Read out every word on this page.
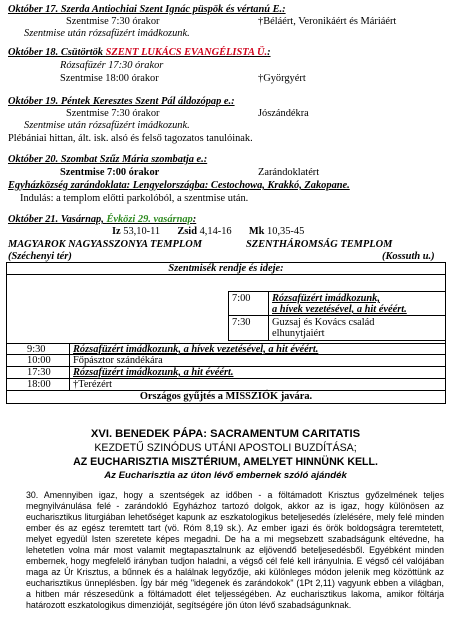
Október 17. Szerda Antiochiai Szent Ignác püspök és vértanú E.:
Szentmise 7:30 órakor	†Béláért, Veronikáért és Máriáért
Szentmise után rózsafüzért imádkozunk.
Október 18. Csütörtök SZENT LUKÁCS EVANGÉLISTA Ü.:
Rózsafüzér 17:30 órakor
Szentmise 18:00 órakor	†Györgyért
Október 19. Péntek Keresztes Szent Pál áldozópap e.:
Szentmise 7:30 órakor	Jószándékra
Szentmise után rózsafüzért imádkozunk.
Plébániai hittan, ált. isk. alsó és felső tagozatos tanulóinak.
Október 20. Szombat Szűz Mária szombatja e.:
Szentmise 7:00 órakor	Zarándoklatért
Egyházközség zarándoklata: Lengyelországba: Cestochowa, Krakkó, Zakopane.
Indulás: a templom előtti parkolóból, a szentmise után.
Október 21. Vasárnap, Évközi 29. vasárnap:
Iz 53,10-11 Zsid 4,14-16 Mk 10,35-45
MAGYAROK NAGYASSZONYA TEMPLOM	SZENTHÁROMSÁG TEMPLOM
(Széchenyi tér)	(Kossuth u.)
Szentmisék rendje és ideje:
7:00	Rózsafüzért imádkozunk,
a hívek vezetésével, a hit évéért.
7:30	Guzsaj és Kovács család
elhunytjaiért
9:30	Rózsafüzért imádkozunk, a hívek vezetésével, a hit évéért.
10:00 Főpásztor szándékára
17:30 Rózsafüzért imádkozunk, a hit évéért.
18:00 †Terézért
Országos gyűjtés a MISSZIÓK javára.
XVI. BENEDEK PÁPA: SACRAMENTUM CARITATIS
KEZDETŰ SZINÓDUS UTÁNI APOSTOLI BUZDÍTÁSA;
AZ EUCHARISZTIA MISZTÉRIUM, AMELYET HINNÜNK KELL.
Az Eucharisztia az úton lévő embernek szóló ajándék
30. Amennyiben igaz, hogy a szentségek az időben - a föltámadott Krisztus győzelmének teljes megnyilvánulása felé - zarándokló Egyházhoz tartozó dolgok, akkor az is igaz, hogy különösen az eucharisztikus liturgiában lehetőséget kapunk az eszkatologikus beteljesedés ízlelésére, mely felé minden ember és az egész teremtett tart (vö. Róm 8,19 sk.). Az ember igazi és örök boldogságra teremtetett, melyet egyedül Isten szeretete képes megadni. De ha a mi megsebzett szabadságunk eltévedne, ha lehetetlen volna már most valamit megtapasztalnunk az eljövendő beteljesedésből. Egyébként minden embernek, hogy megfelelő irányban tudjon haladni, a végső cél felé kell irányulnia. E végső cél valójában maga az Úr Krisztus, a bűnnek és a halálnak legyőzője, aki különleges módon jelenik meg közöttünk az eucharisztikus ünneplésben. Így bár még "idegenek és zarándokok" (1Pt 2,11) vagyunk ebben a világban, a hitben már részesedünk a föltámadott élet teljességében. Az eucharisztikus lakoma, amikor föltárja határozott eszkatologikus dimenzióját, segítségére jön úton lévő szabadságunknak.
